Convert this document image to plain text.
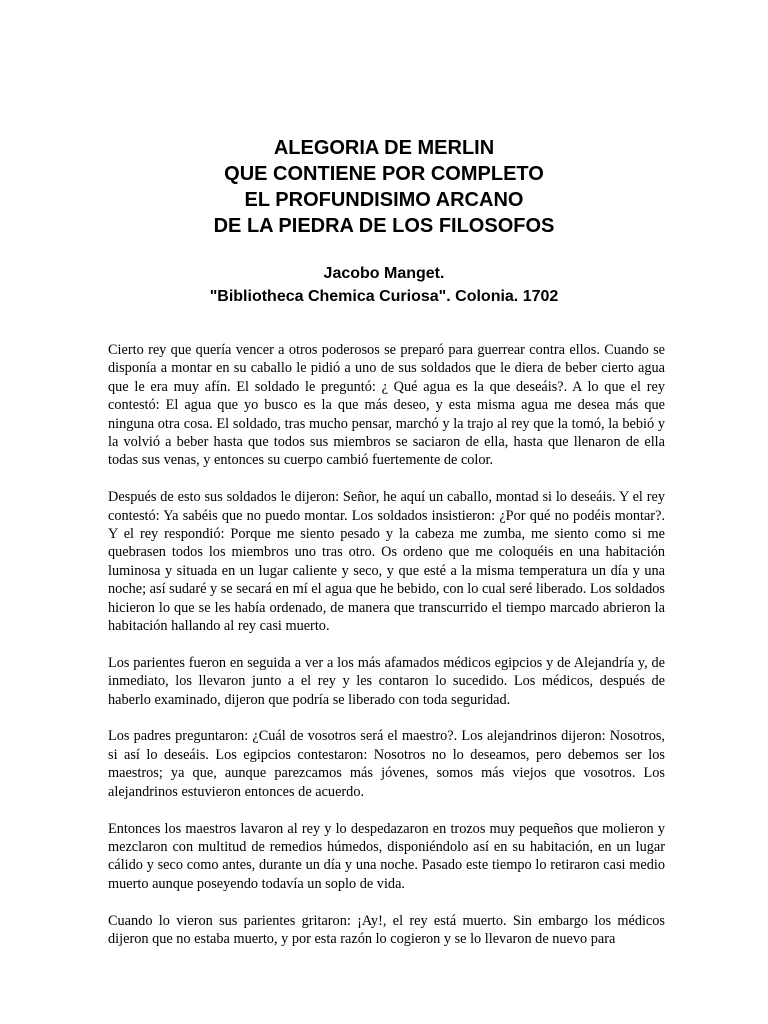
ALEGORIA DE MERLIN
QUE CONTIENE POR COMPLETO
EL PROFUNDISIMO ARCANO
DE LA PIEDRA DE LOS FILOSOFOS
Jacobo Manget.
"Bibliotheca Chemica Curiosa". Colonia. 1702

Cierto rey que quería vencer a otros poderosos se preparó para guerrear contra ellos. Cuando se disponía a montar en su caballo le pidió a uno de sus soldados que le diera de beber cierto agua que le era muy afín. El soldado le preguntó: ¿ Qué agua es la que deseáis?. A lo que el rey contestó: El agua que yo busco es la que más deseo, y esta misma agua me desea más que ninguna otra cosa. El soldado, tras mucho pensar, marchó y la trajo al rey que la tomó, la bebió y la volvió a beber hasta que todos sus miembros se saciaron de ella, hasta que llenaron de ella todas sus venas, y entonces su cuerpo cambió fuertemente de color.

Después de esto sus soldados le dijeron: Señor, he aquí un caballo, montad si lo deseáis. Y el rey contestó: Ya sabéis que no puedo montar. Los soldados insistieron: ¿Por qué no podéis montar?. Y el rey respondió: Porque me siento pesado y la cabeza me zumba, me siento como si me quebrasen todos los miembros uno tras otro. Os ordeno que me coloquéis en una habitación luminosa y situada en un lugar caliente y seco, y que esté a la misma temperatura un día y una noche; así sudaré y se secará en mí el agua que he bebido, con lo cual seré liberado. Los soldados hicieron lo que se les había ordenado, de manera que transcurrido el tiempo marcado abrieron la habitación hallando al rey casi muerto.

Los parientes fueron en seguida a ver a los más afamados médicos egipcios y de Alejandría y, de inmediato, los llevaron junto a el rey y les contaron lo sucedido. Los médicos, después de haberlo examinado, dijeron que podría se liberado con toda seguridad.

Los padres preguntaron: ¿Cuál de vosotros será el maestro?. Los alejandrinos dijeron: Nosotros, si así lo deseáis. Los egipcios contestaron: Nosotros no lo deseamos, pero debemos ser los maestros; ya que, aunque parezcamos más jóvenes, somos más viejos que vosotros. Los alejandrinos estuvieron entonces de acuerdo.

Entonces los maestros lavaron al rey y lo despedazaron en trozos muy pequeños que molieron y mezclaron con multitud de remedios húmedos, disponiéndolo así en su habitación, en un lugar cálido y seco como antes, durante un día y una noche. Pasado este tiempo lo retiraron casi medio muerto aunque poseyendo todavía un soplo de vida.

Cuando lo vieron sus parientes gritaron: ¡Ay!, el rey está muerto. Sin embargo los médicos dijeron que no estaba muerto, y por esta razón lo cogieron y se lo llevaron de nuevo para
